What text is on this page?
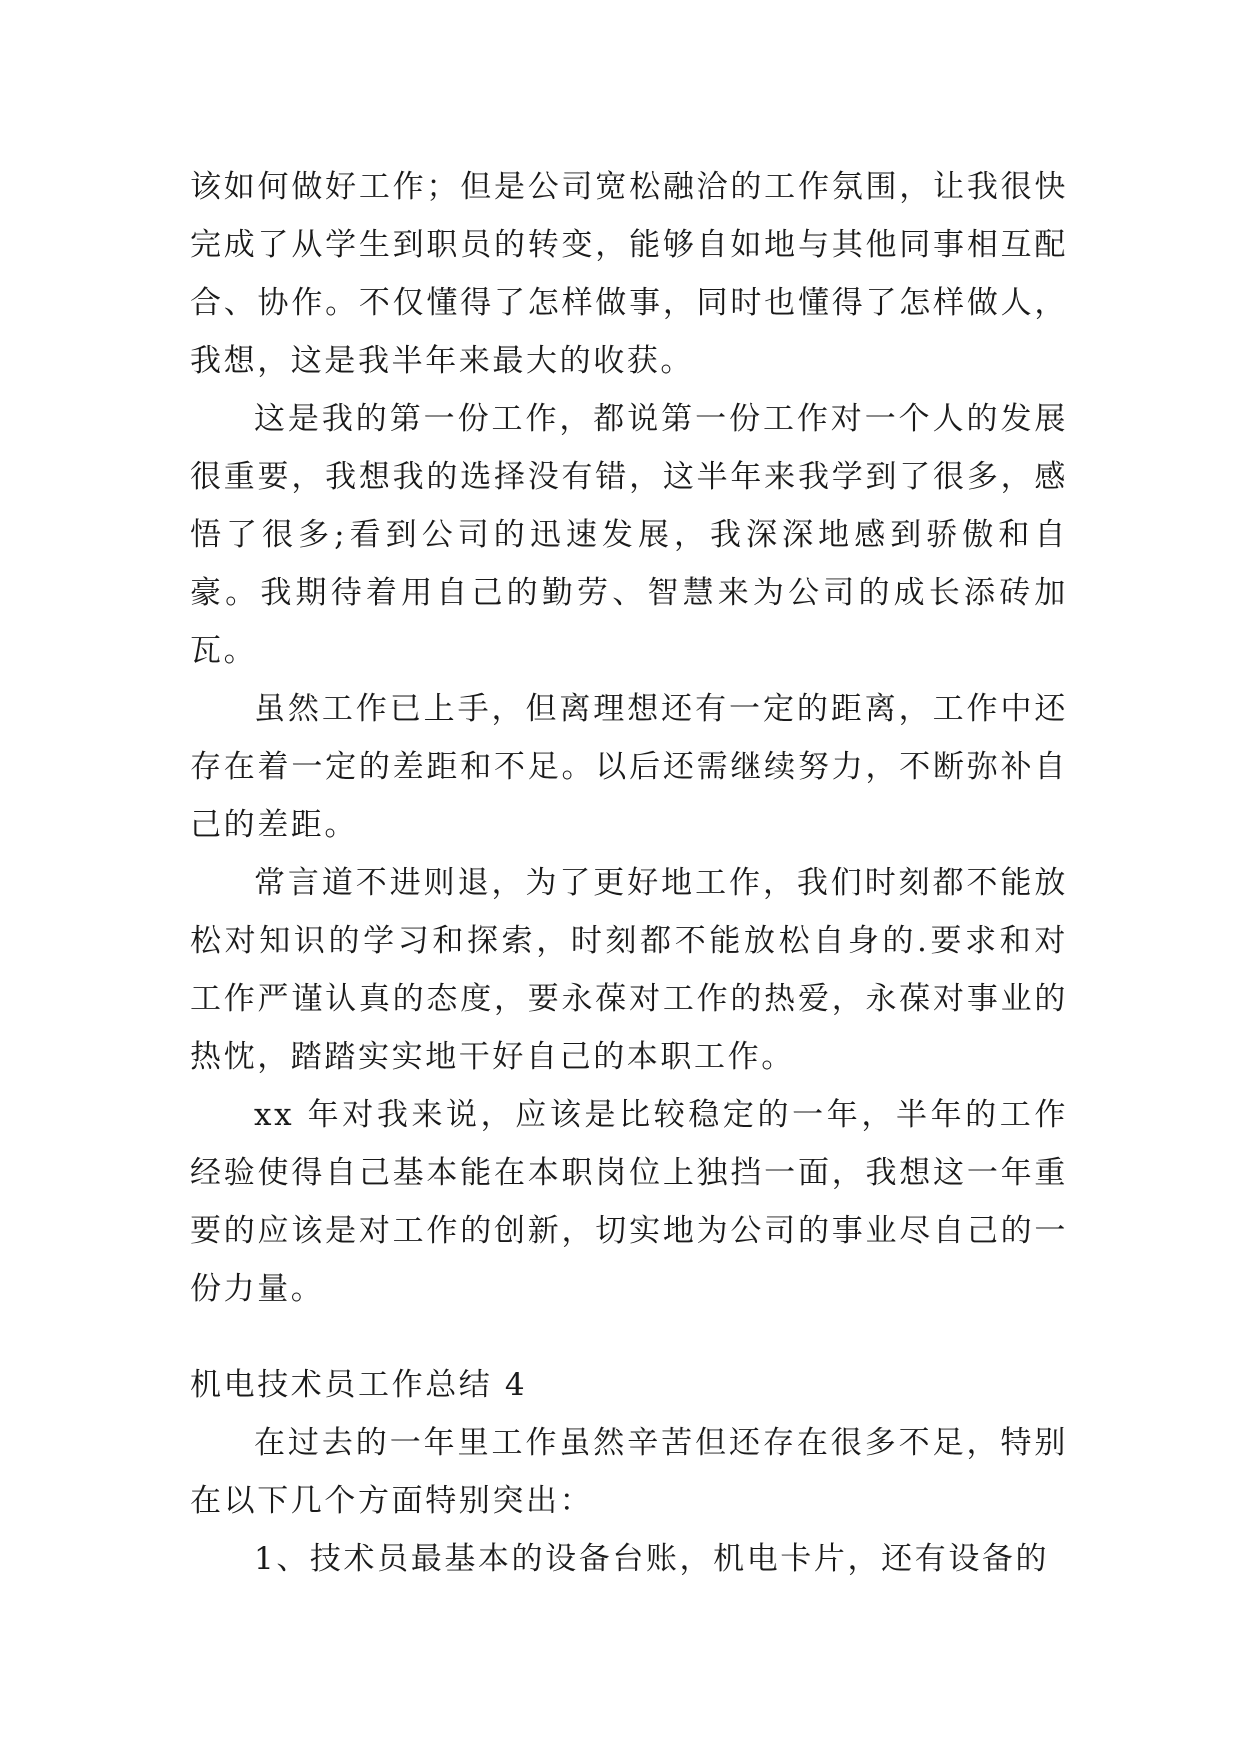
该如何做好工作；但是公司宽松融洽的工作氛围，让我很快完成了从学生到职员的转变，能够自如地与其他同事相互配合、协作。不仅懂得了怎样做事，同时也懂得了怎样做人，我想，这是我半年来最大的收获。

这是我的第一份工作，都说第一份工作对一个人的发展很重要，我想我的选择没有错，这半年来我学到了很多，感悟了很多;看到公司的迅速发展，我深深地感到骄傲和自豪。我期待着用自己的勤劳、智慧来为公司的成长添砖加瓦。

虽然工作已上手，但离理想还有一定的距离，工作中还存在着一定的差距和不足。以后还需继续努力，不断弥补自己的差距。

常言道不进则退，为了更好地工作，我们时刻都不能放松对知识的学习和探索，时刻都不能放松自身的.要求和对工作严谨认真的态度，要永葆对工作的热爱，永葆对事业的热忱，踏踏实实地干好自己的本职工作。

xx 年对我来说，应该是比较稳定的一年，半年的工作经验使得自己基本能在本职岗位上独挡一面，我想这一年重要的应该是对工作的创新，切实地为公司的事业尽自己的一份力量。

机电技术员工作总结 4

在过去的一年里工作虽然辛苦但还存在很多不足，特别在以下几个方面特别突出：

1、技术员最基本的设备台账，机电卡片，还有设备的
